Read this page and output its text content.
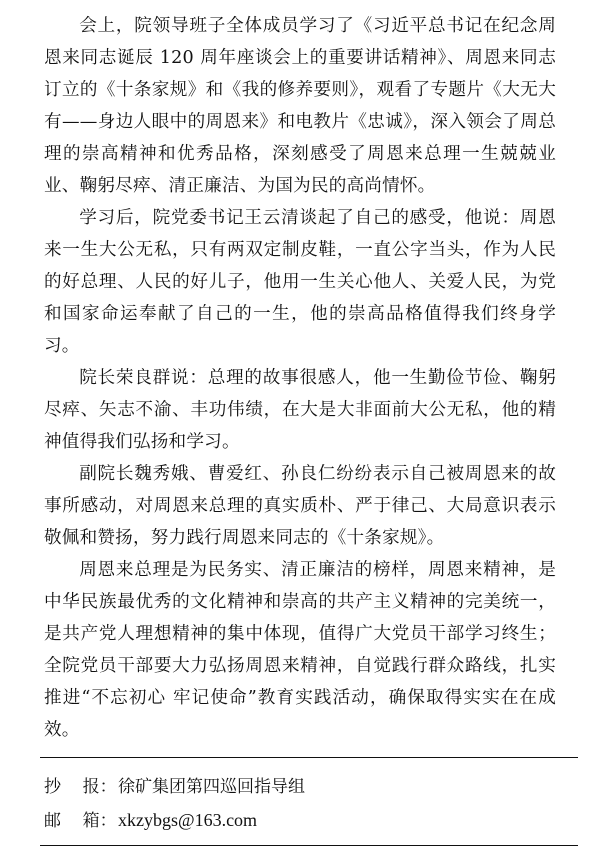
会上，院领导班子全体成员学习了《习近平总书记在纪念周恩来同志诞辰 120 周年座谈会上的重要讲话精神》、周恩来同志订立的《十条家规》和《我的修养要则》，观看了专题片《大无大有——身边人眼中的周恩来》和电教片《忠诚》，深入领会了周总理的崇高精神和优秀品格，深刻感受了周恩来总理一生兢兢业业、鞠躬尽瘁、清正廉洁、为国为民的高尚情怀。

学习后，院党委书记王云清谈起了自己的感受，他说：周恩来一生大公无私，只有两双定制皮鞋，一直公字当头，作为人民的好总理、人民的好儿子，他用一生关心他人、关爱人民，为党和国家命运奉献了自己的一生，他的崇高品格值得我们终身学习。

院长荣良群说：总理的故事很感人，他一生勤俭节俭、鞠躬尽瘁、矢志不渝、丰功伟绩，在大是大非面前大公无私，他的精神值得我们弘扬和学习。

副院长魏秀娥、曹爱红、孙良仁纷纷表示自己被周恩来的故事所感动，对周恩来总理的真实质朴、严于律己、大局意识表示敬佩和赞扬，努力践行周恩来同志的《十条家规》。

周恩来总理是为民务实、清正廉洁的榜样，周恩来精神，是中华民族最优秀的文化精神和崇高的共产主义精神的完美统一，是共产党人理想精神的集中体现，值得广大党员干部学习终生；全院党员干部要大力弘扬周恩来精神，自觉践行群众路线，扎实推进“不忘初心 牢记使命”教育实践活动，确保取得实实在在成效。

抄    报： 徐矿集团第四巡回指导组
邮    箱： xkzybgs@163.com
